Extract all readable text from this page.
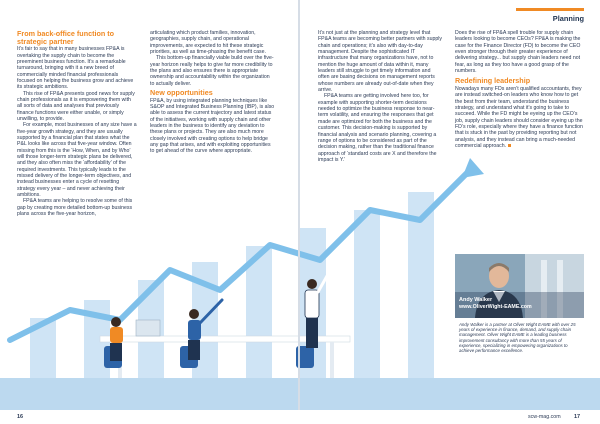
From back-office function to strategic partner

It’s fair to say that in many businesses FP&A is overtaking the supply chain to become the preeminent business function. It’s a remarkable turnaround, bringing with it a new breed of commercially minded financial professionals focused on helping the business grow and achieve its strategic ambitions.

This rise of FP&A presents good news for supply chain professionals as it is empowering them with all sorts of data and analyses that previously finance functions were either unable, or simply unwilling, to provide.

For example, most businesses of any size have a five-year growth strategy, and they are usually supported by a financial plan that states what the P&L looks like across that five-year window. Often missing from this is the ‘How, When, and by Who’ will those longer-term strategic plans be delivered, and they also often miss the ‘affordability’ of the required investments. This typically leads to the missed delivery of the longer-term objectives, and instead businesses enter a cycle of resetting strategy every year – and never achieving their ambitions.

FP&A teams are helping to resolve some of this gap by creating more detailed bottom-up business plans across the five-year horizon,

articulating which product families, innovation, geographies, supply chain, and operational improvements, are expected to hit these strategic priorities, as well as time-phasing the benefit case.

This bottom-up financially viable build over the five-year horizon really helps to give far more credibility to the plans and also ensures there is appropriate ownership and accountability within the organization to actually deliver.

New opportunities

FP&A, by using integrated planning techniques like S&OP and Integrated Business Planning (IBP), is also able to assess the current trajectory and latest status of the initiatives, working with supply chain and other leaders in the business to identify any deviation to these plans or projects. They are also much more closely involved with creating options to help bridge any gap that arises, and with exploiting opportunities to get ahead of the curve where appropriate.

Planning

It’s not just at the planning and strategy level that FP&A teams are becoming better partners with supply chain and operations; it’s also with day-to-day management. Despite the sophisticated IT infrastructure that many organizations have, not to mention the huge amount of data within it, many leaders still struggle to get timely information and often are basing decisions on management reports whose numbers are already out-of-date when they arrive.

FP&A teams are getting involved here too, for example with supporting shorter-term decisions needed to optimize the business response to near-term volatility, and ensuring the responses that get made are optimized for both the business and the customer. This decision-making is supported by financial analysis and scenario planning, covering a range of options to be considered as part of the decision making, rather than the traditional finance approach of ‘standard costs are X and therefore the impact is Y.’

Does the rise of FP&A spell trouble for supply chain leaders looking to become CEOs? FP&A is making the case for the Finance Director (FD) to become the CEO even stronger through their greater experience of delivering strategy... but supply chain leaders need not fear, as long as they too have a good grasp of the numbers.

Redefining leadership

Nowadays many FDs aren’t qualified accountants, they are instead switched-on leaders who know how to get the best from their team, understand the business strategy, and understand what it’s going to take to succeed. While the FD might be eyeing up the CEO’s job, supply chain leaders should consider eyeing up the FD’s role, especially where they have a finance function that is stuck in the past by providing reporting but not analysis, and they instead can bring a much-needed commercial approach.

Andy Walker
www.OliverWight-EAME.com
Andy Walker is a partner at Oliver Wight EAME with over 25 years of experience in finance, demand, and supply chain management. Oliver Wight EAME is a leading business improvement consultancy with more than 55 years of experience, specializing in empowering organizations to achieve performance excellence.
16	scw-mag.com 17
